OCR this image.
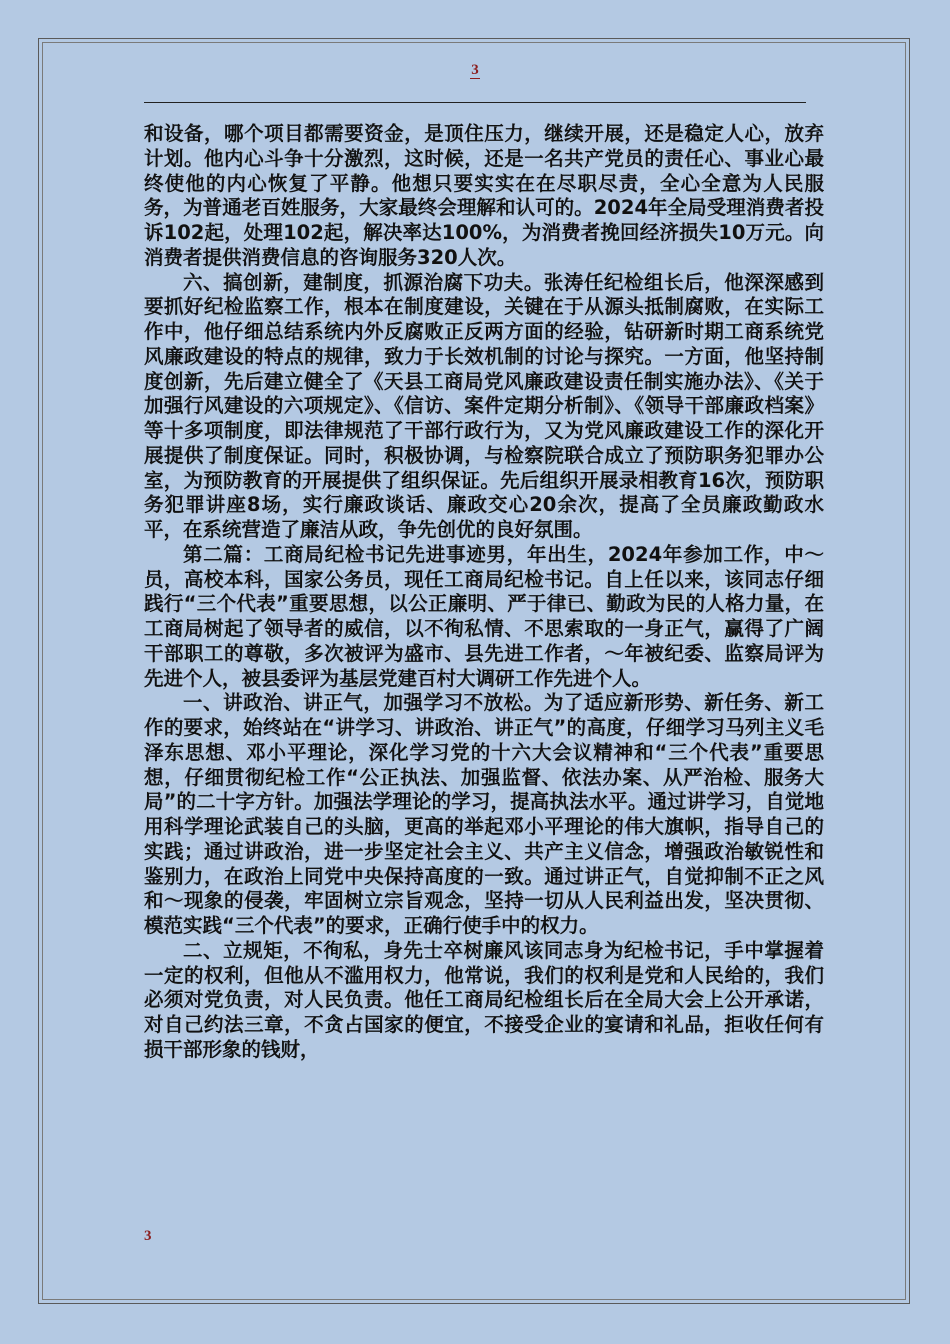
3

和设备，哪个项目都需要资金，是顶住压力，继续开展，还是稳定人心，放弃计划。他内心斗争十分激烈，这时候，还是一名共产党员的责任心、事业心最终使他的内心恢复了平静。他想只要实实在在尽职尽责，全心全意为人民服务，为普通老百姓服务，大家最终会理解和认可的。2024年全局受理消费者投诉102起，处理102起，解决率达100%，为消费者挽回经济损失10万元。向消费者提供消费信息的咨询服务320人次。

六、搞创新，建制度，抓源治腐下功夫。张涛任纪检组长后，他深深感到要抓好纪检监察工作，根本在制度建设，关键在于从源头抵制腐败，在实际工作中，他仔细总结系统内外反腐败正反两方面的经验，钻研新时期工商系统党风廉政建设的特点的规律，致力于长效机制的讨论与探究。一方面，他坚持制度创新，先后建立健全了《天县工商局党风廉政建设责任制实施办法》、《关于加强行风建设的六项规定》、《信访、案件定期分析制》、《领导干部廉政档案》等十多项制度，即法律规范了干部行政行为，又为党风廉政建设工作的深化开展提供了制度保证。同时，积极协调，与检察院联合成立了预防职务犯罪办公室，为预防教育的开展提供了组织保证。先后组织开展录相教育16次，预防职务犯罪讲座8场，实行廉政谈话、廉政交心20余次，提高了全员廉政勤政水平，在系统营造了廉洁从政，争先创优的良好氛围。

第二篇：工商局纪检书记先进事迹男，年出生，2024年参加工作，中～员，高校本科，国家公务员，现任工商局纪检书记。自上任以来，该同志仔细践行“三个代表”重要思想，以公正廉明、严于律已、勤政为民的人格力量，在工商局树起了领导者的威信，以不徇私情、不思索取的一身正气，赢得了广阔干部职工的尊敬，多次被评为盛市、县先进工作者，～年被纪委、监察局评为先进个人，被县委评为基层党建百村大调研工作先进个人。

一、讲政治、讲正气，加强学习不放松。为了适应新形势、新任务、新工作的要求，始终站在“讲学习、讲政治、讲正气”的高度，仔细学习马列主义毛泽东思想、邓小平理论，深化学习党的十六大会议精神和“三个代表”重要思想，仔细贯彻纪检工作“公正执法、加强监督、依法办案、从严治检、服务大局”的二十字方针。加强法学理论的学习，提高执法水平。通过讲学习，自觉地用科学理论武装自己的头脑，更高的举起邓小平理论的伟大旗帜，指导自己的实践；通过讲政治，进一步坚定社会主义、共产主义信念，增强政治敏锐性和鉴别力，在政治上同党中央保持高度的一致。通过讲正气，自觉抑制不正之风和～现象的侵袭，牢固树立宗旨观念，坚持一切从人民利益出发，坚决贯彻、模范实践“三个代表”的要求，正确行使手中的权力。

二、立规矩，不徇私，身先士卒树廉风该同志身为纪检书记，手中掌握着一定的权利，但他从不滥用权力，他常说，我们的权利是党和人民给的，我们必须对党负责，对人民负责。他任工商局纪检组长后在全局大会上公开承诺，对自己约法三章，不贪占国家的便宜，不接受企业的宴请和礼品，拒收任何有损干部形象的钱财，

3
